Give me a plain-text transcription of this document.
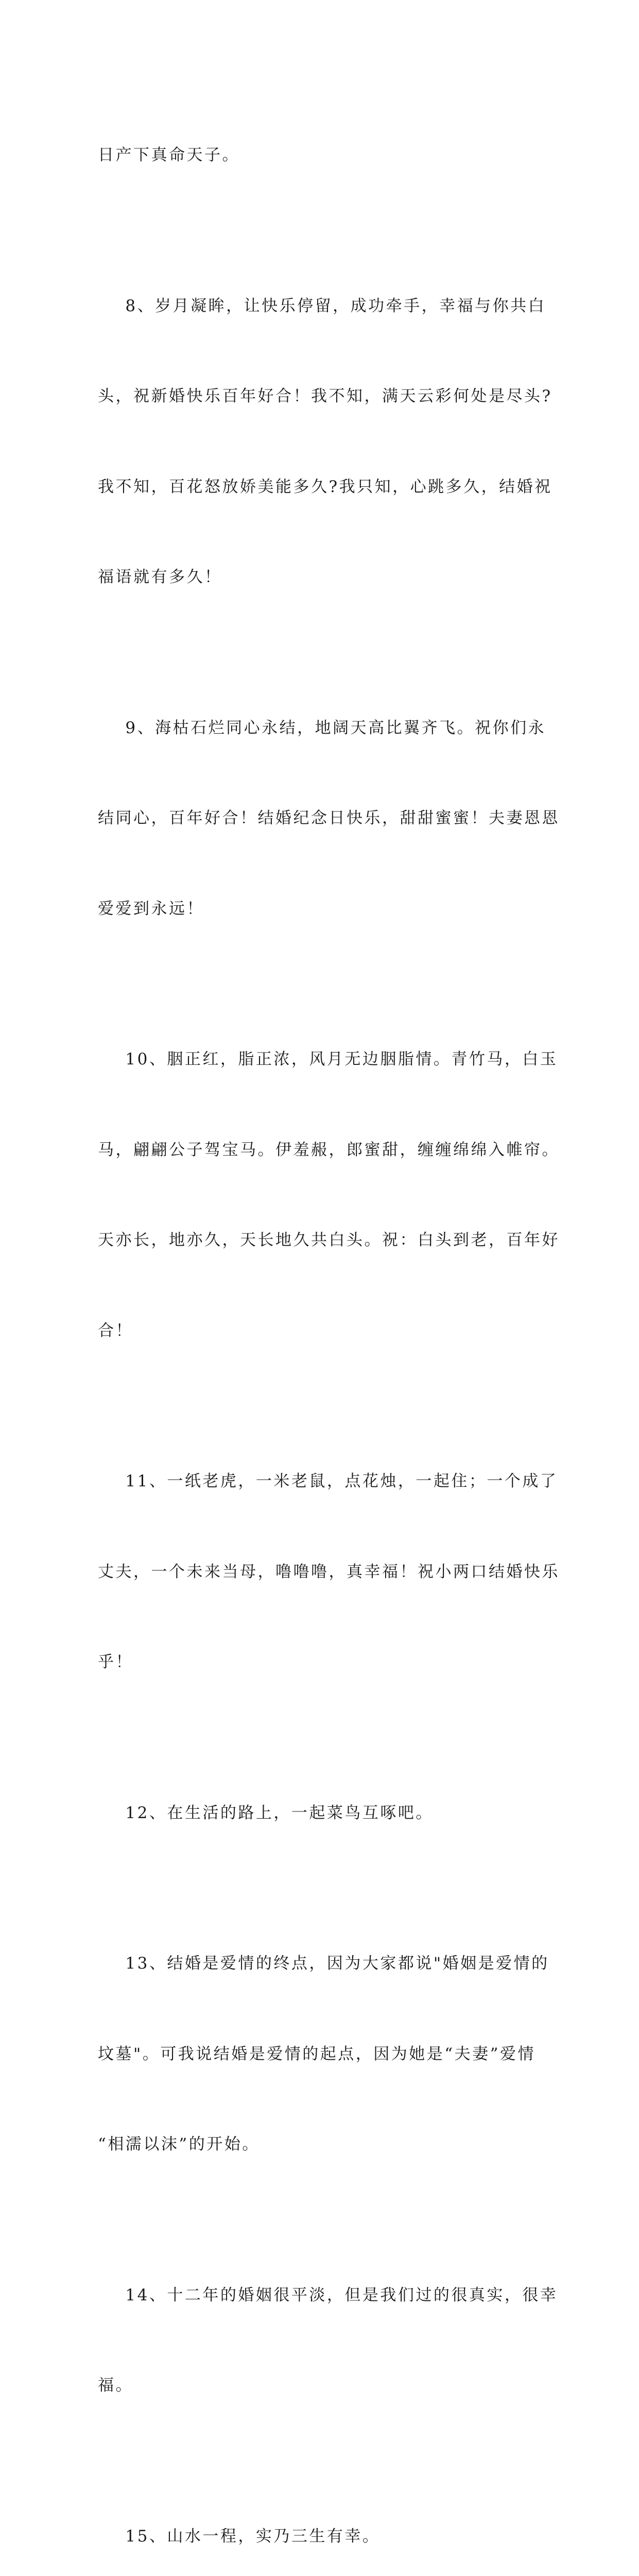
日产下真命天子。

8、岁月凝眸，让快乐停留，成功牵手，幸福与你共白

头，祝新婚快乐百年好合！我不知，满天云彩何处是尽头?

我不知，百花怒放娇美能多久?我只知，心跳多久，结婚祝

福语就有多久！

9、海枯石烂同心永结，地阔天高比翼齐飞。祝你们永

结同心，百年好合！结婚纪念日快乐，甜甜蜜蜜！夫妻恩恩

爱爱到永远！

10、胭正红，脂正浓，风月无边胭脂情。青竹马，白玉

马，翩翩公子驾宝马。伊羞赧，郎蜜甜，缠缠绵绵入帷帘。

天亦长，地亦久，天长地久共白头。祝：白头到老，百年好

合！

11、一纸老虎，一米老鼠，点花烛，一起住；一个成了

丈夫，一个未来当母，噜噜噜，真幸福！祝小两口结婚快乐

乎！

12、在生活的路上，一起菜鸟互啄吧。

13、结婚是爱情的终点，因为大家都说"婚姻是爱情的

坟墓"。可我说结婚是爱情的起点，因为她是“夫妻”爱情

“相濡以沫”的开始。

14、十二年的婚姻很平淡，但是我们过的很真实，很幸

福。

15、山水一程，实乃三生有幸。
